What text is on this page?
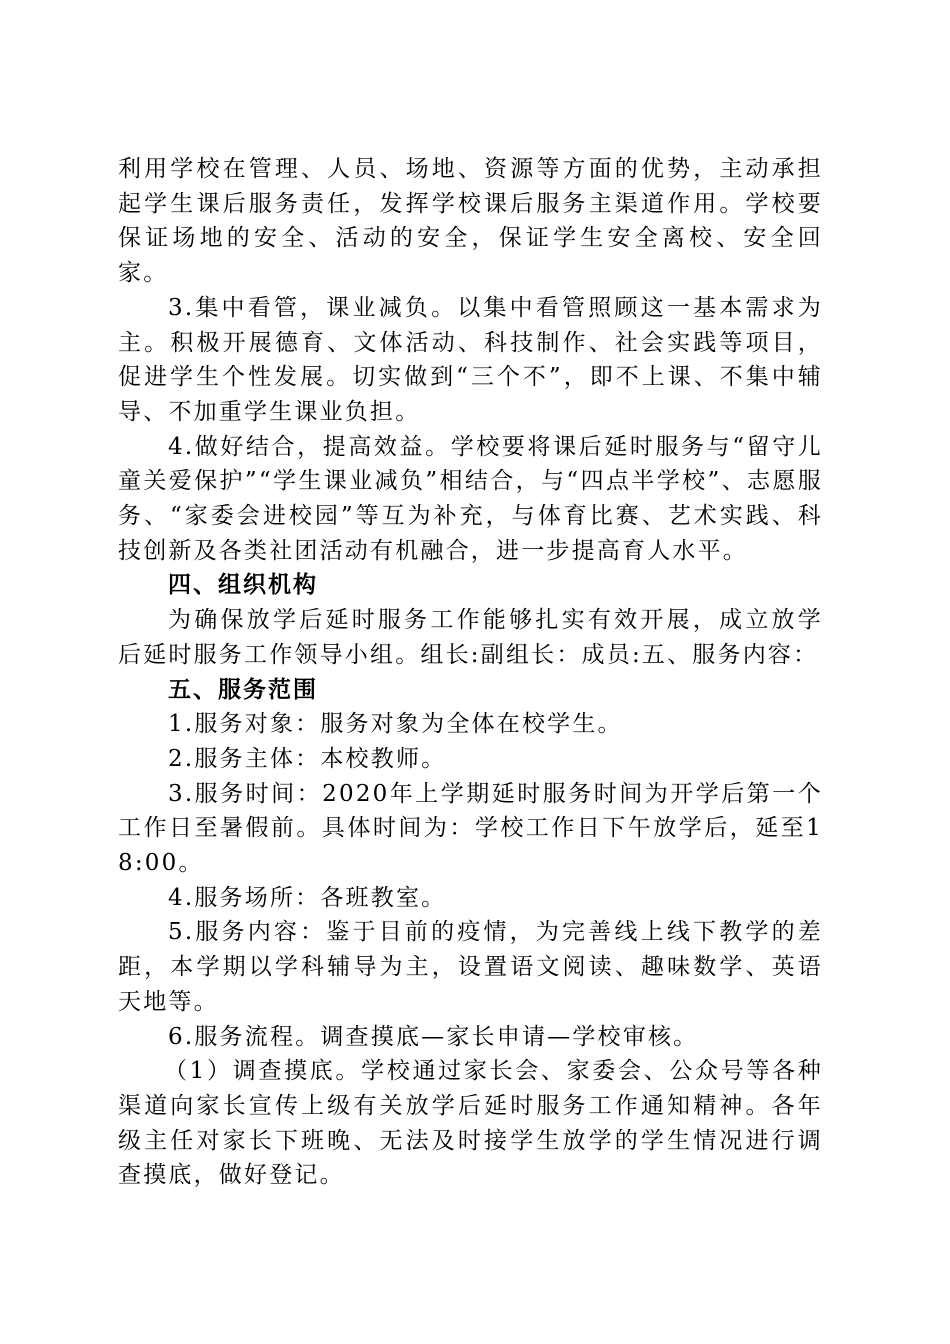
利用学校在管理、人员、场地、资源等方面的优势，主动承担起学生课后服务责任，发挥学校课后服务主渠道作用。学校要保证场地的安全、活动的安全，保证学生安全离校、安全回家。

3.集中看管，课业减负。以集中看管照顾这一基本需求为主。积极开展德育、文体活动、科技制作、社会实践等项目，促进学生个性发展。切实做到“三个不”，即不上课、不集中辅导、不加重学生课业负担。

4.做好结合，提高效益。学校要将课后延时服务与“留守儿童关爱保护”“学生课业减负”相结合，与“四点半学校”、志愿服务、“家委会进校园”等互为补充，与体育比赛、艺术实践、科技创新及各类社团活动有机融合，进一步提高育人水平。

四、组织机构

为确保放学后延时服务工作能够扎实有效开展，成立放学后延时服务工作领导小组。组长:副组长：成员:五、服务内容：

五、服务范围

1.服务对象：服务对象为全体在校学生。

2.服务主体：本校教师。

3.服务时间：2020年上学期延时服务时间为开学后第一个工作日至暑假前。具体时间为：学校工作日下午放学后，延至18:00。

4.服务场所：各班教室。

5.服务内容：鉴于目前的疫情，为完善线上线下教学的差距，本学期以学科辅导为主，设置语文阅读、趣味数学、英语天地等。

6.服务流程。调查摸底—家长申请—学校审核。

（1）调查摸底。学校通过家长会、家委会、公众号等各种渠道向家长宣传上级有关放学后延时服务工作通知精神。各年级主任对家长下班晚、无法及时接学生放学的学生情况进行调查摸底，做好登记。
